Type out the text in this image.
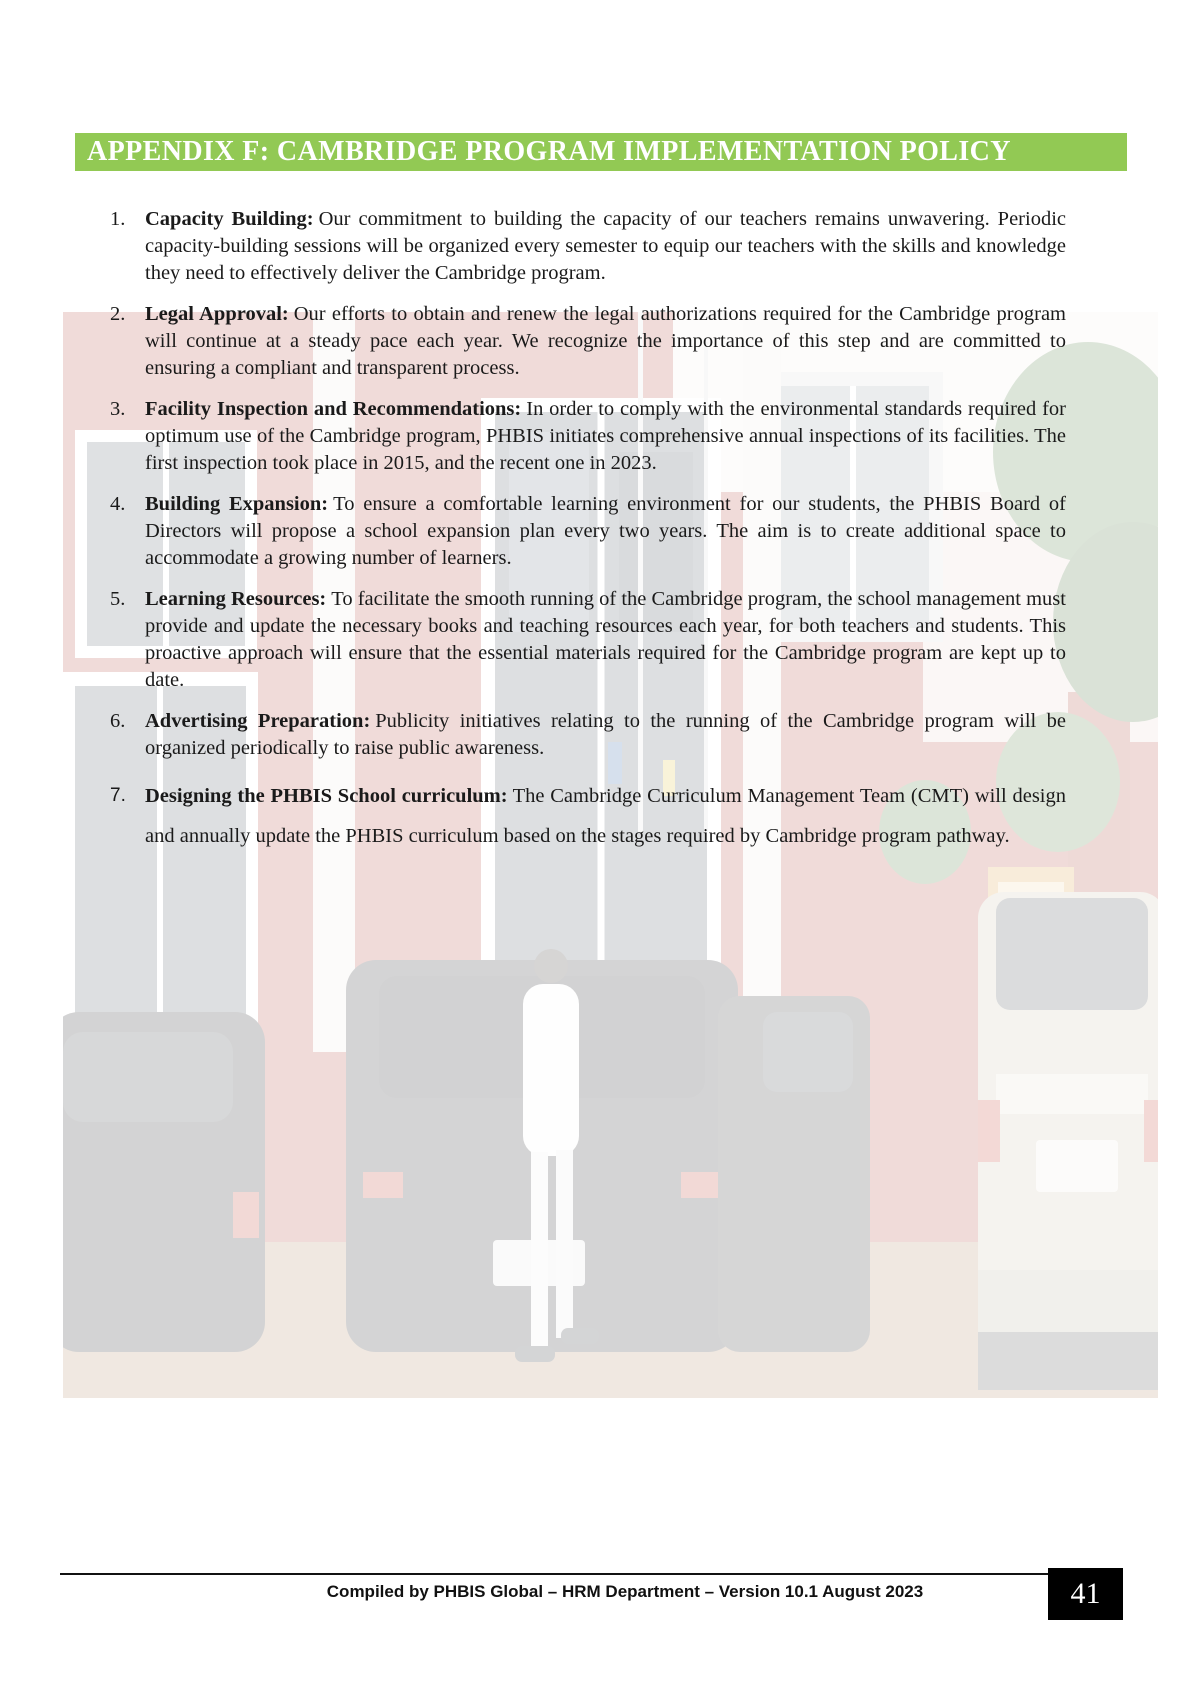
APPENDIX F: CAMBRIDGE PROGRAM IMPLEMENTATION POLICY
1. Capacity Building: Our commitment to building the capacity of our teachers remains unwavering. Periodic capacity-building sessions will be organized every semester to equip our teachers with the skills and knowledge they need to effectively deliver the Cambridge program.

2. Legal Approval: Our efforts to obtain and renew the legal authorizations required for the Cambridge program will continue at a steady pace each year. We recognize the importance of this step and are committed to ensuring a compliant and transparent process.

3. Facility Inspection and Recommendations: In order to comply with the environmental standards required for optimum use of the Cambridge program, PHBIS initiates comprehensive annual inspections of its facilities. The first inspection took place in 2015, and the recent one in 2023.

4. Building Expansion: To ensure a comfortable learning environment for our students, the PHBIS Board of Directors will propose a school expansion plan every two years. The aim is to create additional space to accommodate a growing number of learners.

5. Learning Resources: To facilitate the smooth running of the Cambridge program, the school management must provide and update the necessary books and teaching resources each year, for both teachers and students. This proactive approach will ensure that the essential materials required for the Cambridge program are kept up to date.

6. Advertising Preparation: Publicity initiatives relating to the running of the Cambridge program will be organized periodically to raise public awareness.

7. Designing the PHBIS School curriculum: The Cambridge Curriculum Management Team (CMT) will design and annually update the PHBIS curriculum based on the stages required by Cambridge program pathway.

Compiled by PHBIS Global – HRM Department – Version 10.1 August 2023	41
